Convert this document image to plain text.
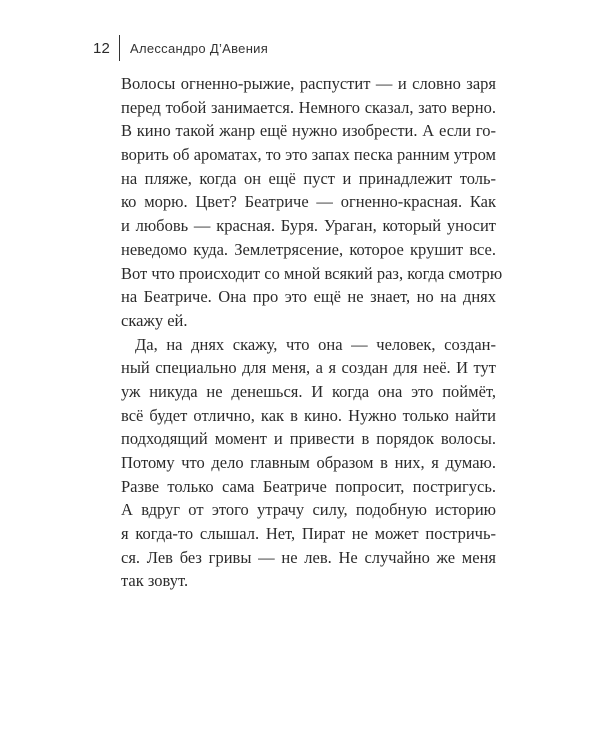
12	Алессандро Д’Авения
Волосы огненно-рыжие, распустит — и словно заря
перед тобой занимается. Немного сказал, зато верно.
В кино такой жанр ещё нужно изобрести. А если го-
ворить об ароматах, то это запах песка ранним утром
на пляже, когда он ещё пуст и принадлежит толь-
ко морю. Цвет? Беатриче — огненно-красная. Как
и любовь — красная. Буря. Ураган, который уносит
неведомо куда. Землетрясение, которое крушит все.
Вот что происходит со мной всякий раз, когда смотрю
на Беатриче. Она про это ещё не знает, но на днях
скажу ей.
Да, на днях скажу, что она — человек, создан-
ный специально для меня, а я создан для неё. И тут
уж никуда не денешься. И когда она это поймёт,
всё будет отлично, как в кино. Нужно только найти
подходящий момент и привести в порядок волосы.
Потому что дело главным образом в них, я думаю.
Разве только сама Беатриче попросит, постригусь.
А вдруг от этого утрачу силу, подобную историю
я когда-то слышал. Нет, Пират не может постричь-
ся. Лев без гривы — не лев. Не случайно же меня
так зовут.
